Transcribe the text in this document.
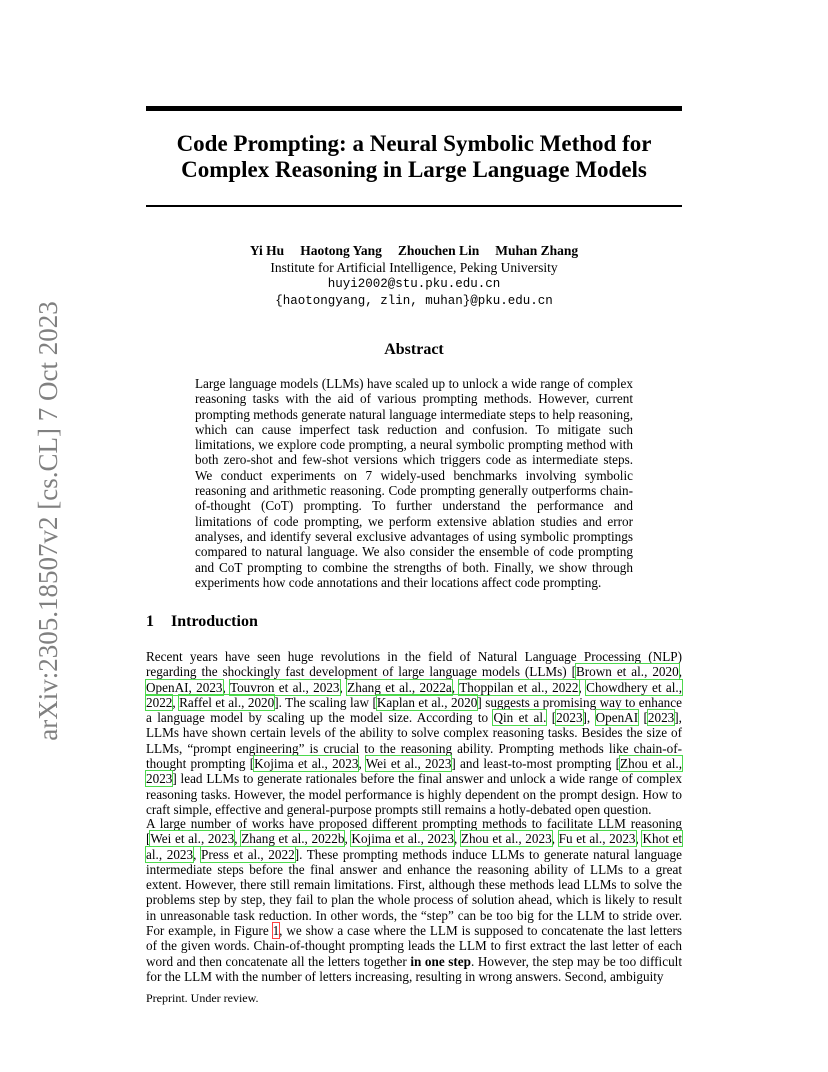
arXiv:2305.18507v2 [cs.CL] 7 Oct 2023
Code Prompting: a Neural Symbolic Method for
Complex Reasoning in Large Language Models
Yi Hu Haotong Yang Zhouchen Lin Muhan Zhang
Institute for Artificial Intelligence, Peking University
huyi2002@stu.pku.edu.cn
{haotongyang, zlin, muhan}@pku.edu.cn
Abstract
Large language models (LLMs) have scaled up to unlock a wide range of complex reasoning tasks with the aid of various prompting methods. However, current prompting methods generate natural language intermediate steps to help reasoning, which can cause imperfect task reduction and confusion. To mitigate such limitations, we explore code prompting, a neural symbolic prompting method with both zero-shot and few-shot versions which triggers code as intermediate steps. We conduct experiments on 7 widely-used benchmarks involving symbolic reasoning and arithmetic reasoning. Code prompting generally outperforms chain-of-thought (CoT) prompting. To further understand the performance and limitations of code prompting, we perform extensive ablation studies and error analyses, and identify several exclusive advantages of using symbolic promptings compared to natural language. We also consider the ensemble of code prompting and CoT prompting to combine the strengths of both. Finally, we show through experiments how code annotations and their locations affect code prompting.
1 Introduction
Recent years have seen huge revolutions in the field of Natural Language Processing (NLP) regarding the shockingly fast development of large language models (LLMs) [Brown et al., 2020, OpenAI, 2023, Touvron et al., 2023, Zhang et al., 2022a, Thoppilan et al., 2022, Chowdhery et al., 2022, Raffel et al., 2020]. The scaling law [Kaplan et al., 2020] suggests a promising way to enhance a language model by scaling up the model size. According to Qin et al. [2023], OpenAI [2023], LLMs have shown certain levels of the ability to solve complex reasoning tasks. Besides the size of LLMs, “prompt engineering” is crucial to the reasoning ability. Prompting methods like chain-of-thought prompting [Kojima et al., 2023, Wei et al., 2023] and least-to-most prompting [Zhou et al., 2023] lead LLMs to generate rationales before the final answer and unlock a wide range of complex reasoning tasks. However, the model performance is highly dependent on the prompt design. How to craft simple, effective and general-purpose prompts still remains a hotly-debated open question.
A large number of works have proposed different prompting methods to facilitate LLM reasoning [Wei et al., 2023, Zhang et al., 2022b, Kojima et al., 2023, Zhou et al., 2023, Fu et al., 2023, Khot et al., 2023, Press et al., 2022]. These prompting methods induce LLMs to generate natural language intermediate steps before the final answer and enhance the reasoning ability of LLMs to a great extent. However, there still remain limitations. First, although these methods lead LLMs to solve the problems step by step, they fail to plan the whole process of solution ahead, which is likely to result in unreasonable task reduction. In other words, the “step” can be too big for the LLM to stride over. For example, in Figure 1, we show a case where the LLM is supposed to concatenate the last letters of the given words. Chain-of-thought prompting leads the LLM to first extract the last letter of each word and then concatenate all the letters together in one step. However, the step may be too difficult for the LLM with the number of letters increasing, resulting in wrong answers. Second, ambiguity
Preprint. Under review.
